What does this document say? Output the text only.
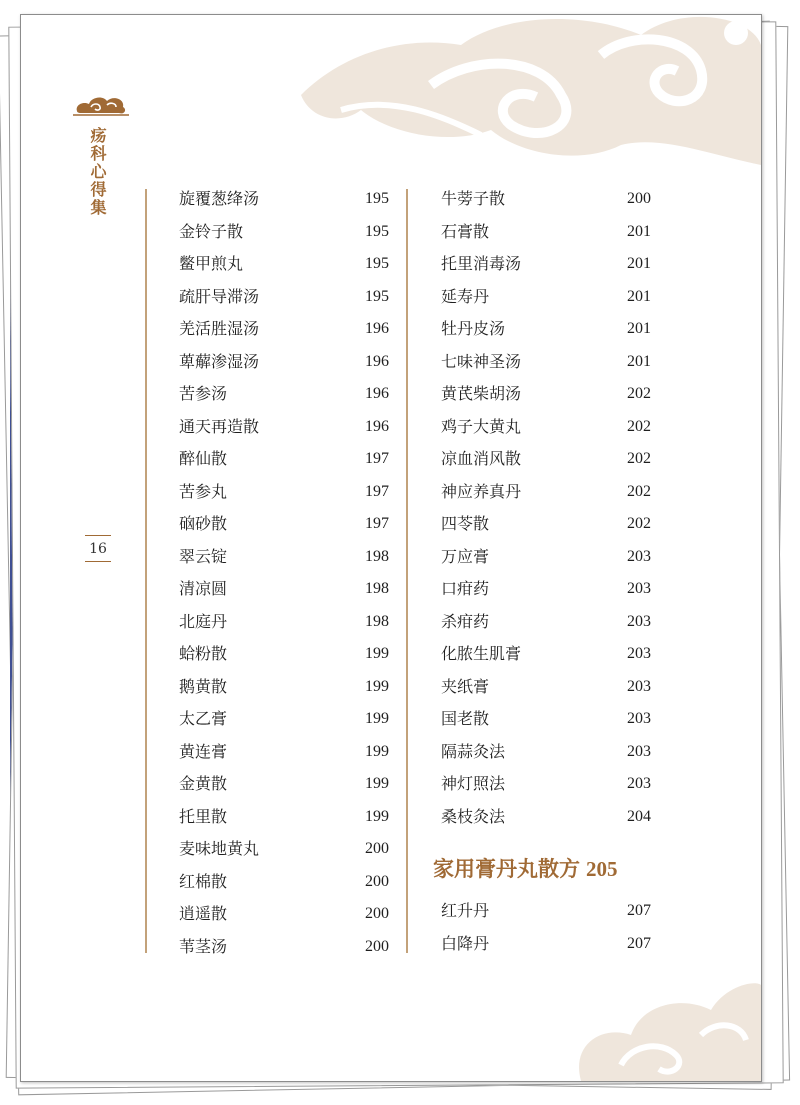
疡科心得集
16
旋覆葱绛汤	195
金铃子散	195
鳖甲煎丸	195
疏肝导滞汤	195
羌活胜湿汤	196
萆薢渗湿汤	196
苦参汤	196
通天再造散	196
醉仙散	197
苦参丸	197
硇砂散	197
翠云锭	198
清凉圆	198
北庭丹	198
蛤粉散	199
鹅黄散	199
太乙膏	199
黄连膏	199
金黄散	199
托里散	199
麦味地黄丸	200
红棉散	200
逍遥散	200
苇茎汤	200
牛蒡子散	200
石膏散	201
托里消毒汤	201
延寿丹	201
牡丹皮汤	201
七味神圣汤	201
黄芪柴胡汤	202
鸡子大黄丸	202
凉血消风散	202
神应养真丹	202
四苓散	202
万应膏	203
口疳药	203
杀疳药	203
化脓生肌膏	203
夹纸膏	203
国老散	203
隔蒜灸法	203
神灯照法	203
桑枝灸法	204
家用膏丹丸散方 205
红升丹	207
白降丹	207
